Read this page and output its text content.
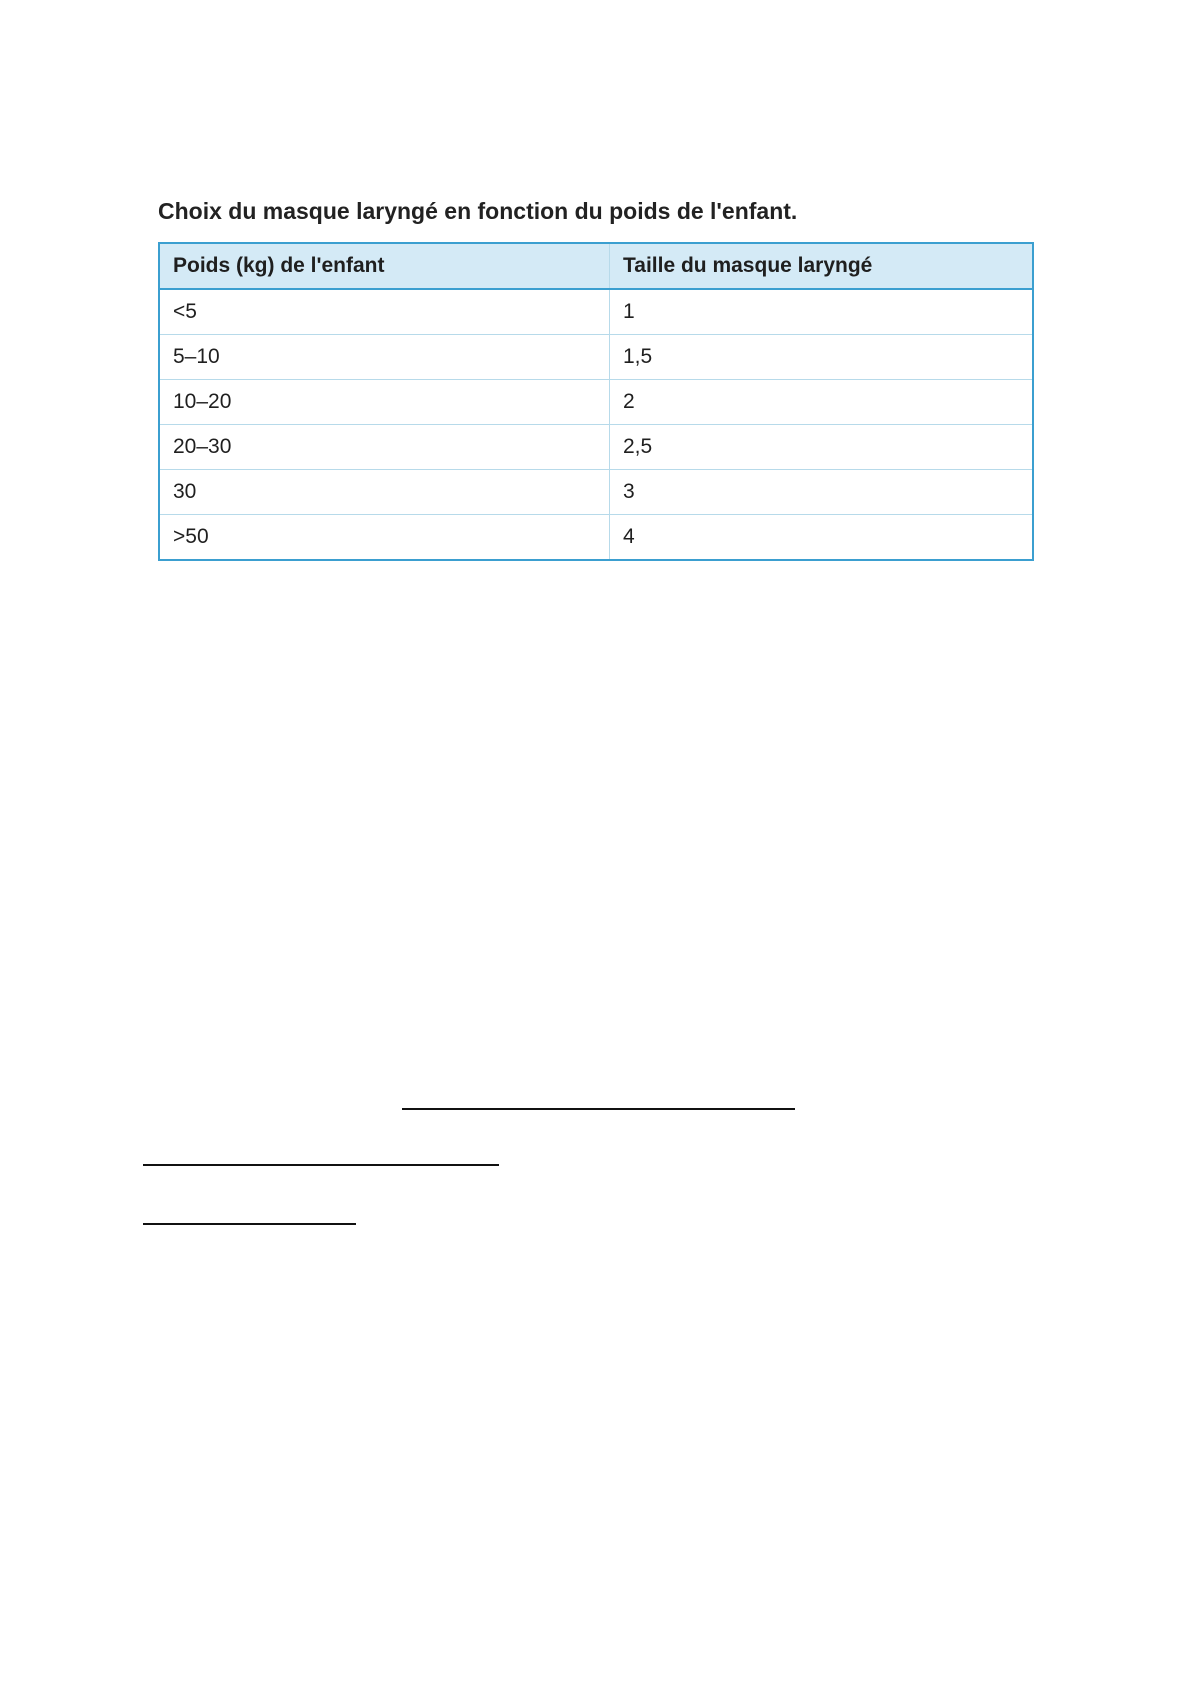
Choix du masque laryngé en fonction du poids de l'enfant.
Poids (kg) de l'enfant	Taille du masque laryngé
<5	1
5–10	1,5
10–20	2
20–30	2,5
30	3
>50	4
